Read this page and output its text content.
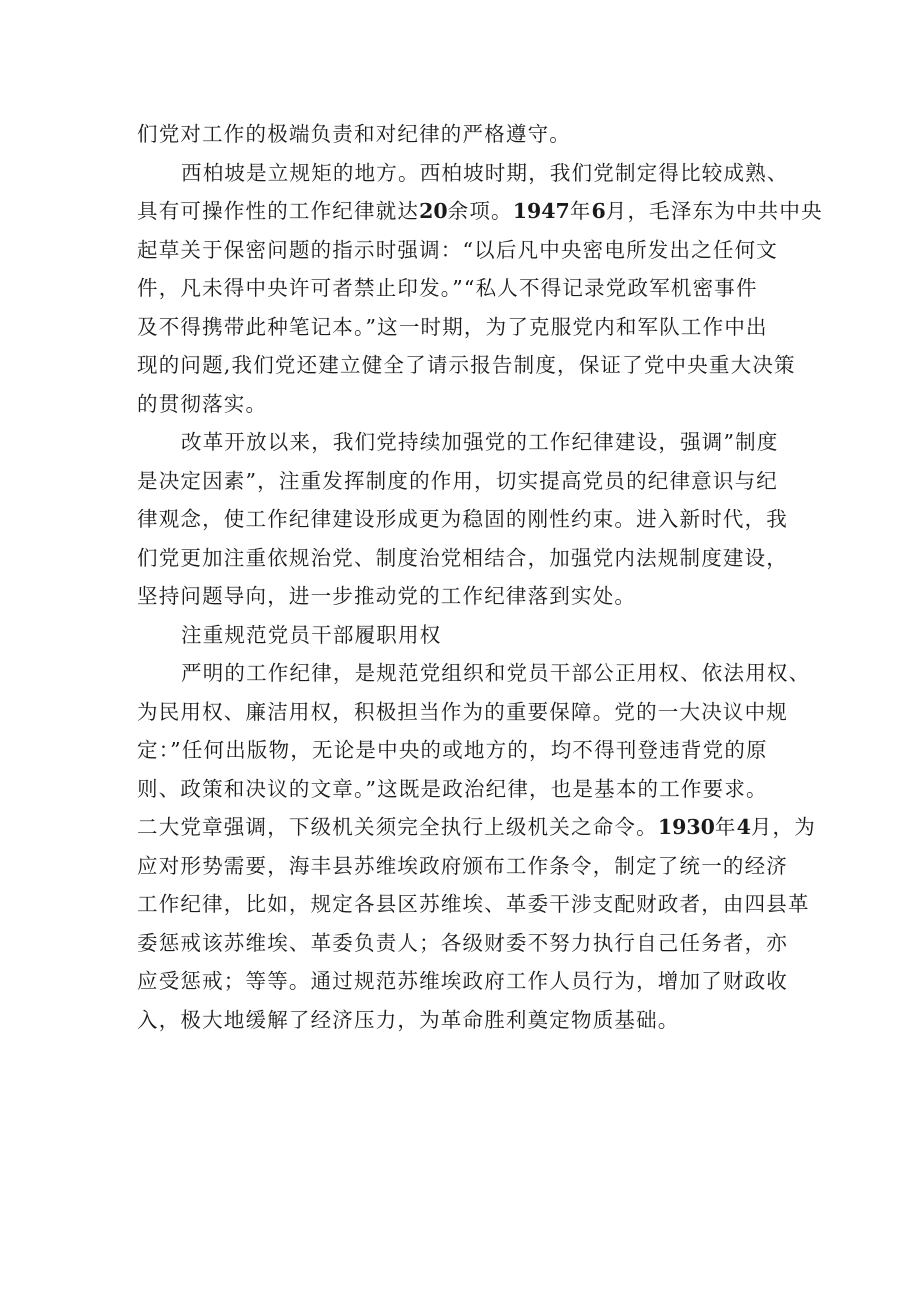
们党对工作的极端负责和对纪律的严格遵守。
西柏坡是立规矩的地方。西柏坡时期，我们党制定得比较成熟、
具有可操作性的工作纪律就达20余项。1947年6月，毛泽东为中共中央
起草关于保密问题的指示时强调：“以后凡中央密电所发出之任何文
件，凡未得中央许可者禁止印发。”“私人不得记录党政军机密事件
及不得携带此种笔记本。”这一时期，为了克服党内和军队工作中出
现的问题,我们党还建立健全了请示报告制度，保证了党中央重大决策
的贯彻落实。
改革开放以来，我们党持续加强党的工作纪律建设，强调”制度
是决定因素”，注重发挥制度的作用，切实提高党员的纪律意识与纪
律观念，使工作纪律建设形成更为稳固的刚性约束。进入新时代，我
们党更加注重依规治党、制度治党相结合，加强党内法规制度建设，
坚持问题导向，进一步推动党的工作纪律落到实处。
注重规范党员干部履职用权
严明的工作纪律，是规范党组织和党员干部公正用权、依法用权、
为民用权、廉洁用权，积极担当作为的重要保障。党的一大决议中规
定：”任何出版物，无论是中央的或地方的，均不得刊登违背党的原
则、政策和决议的文章。”这既是政治纪律，也是基本的工作要求。
二大党章强调，下级机关须完全执行上级机关之命令。1930年4月，为
应对形势需要，海丰县苏维埃政府颁布工作条令，制定了统一的经济
工作纪律，比如，规定各县区苏维埃、革委干涉支配财政者，由四县革
委惩戒该苏维埃、革委负责人；各级财委不努力执行自己任务者，亦
应受惩戒；等等。通过规范苏维埃政府工作人员行为，增加了财政收
入，极大地缓解了经济压力，为革命胜利奠定物质基础。
